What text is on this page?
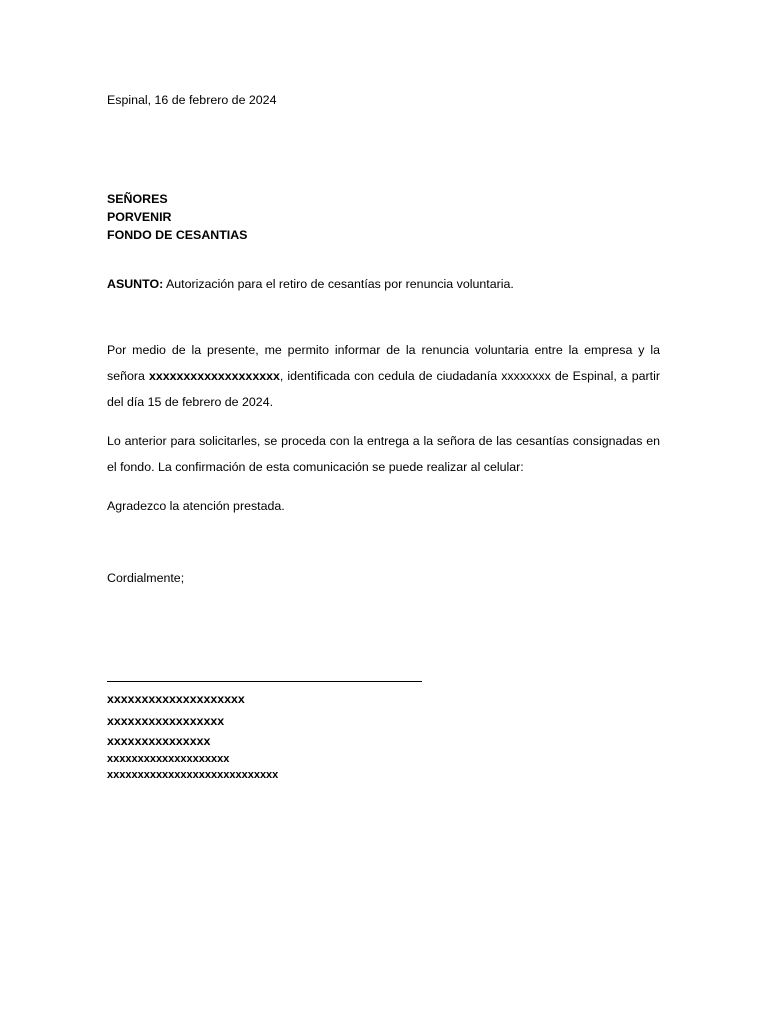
Espinal, 16 de febrero de 2024
SEÑORES
PORVENIR
FONDO DE CESANTIAS
ASUNTO: Autorización para el retiro de cesantías por renuncia voluntaria.
Por medio de la presente, me permito informar de la renuncia voluntaria entre la empresa y la señora xxxxxxxxxxxxxxxxxxx, identificada con cedula de ciudadanía xxxxxxxx de Espinal, a partir del día 15 de febrero de 2024.
Lo anterior para solicitarles, se proceda con la entrega a la señora de las cesantías consignadas en el fondo. La confirmación de esta comunicación se puede realizar al celular:
Agradezco la atención prestada.
Cordialmente;
xxxxxxxxxxxxxxxxxxxx
xxxxxxxxxxxxxxxxx
xxxxxxxxxxxxxxx
xxxxxxxxxxxxxxxxxxxx
xxxxxxxxxxxxxxxxxxxxxxxxxxxx
